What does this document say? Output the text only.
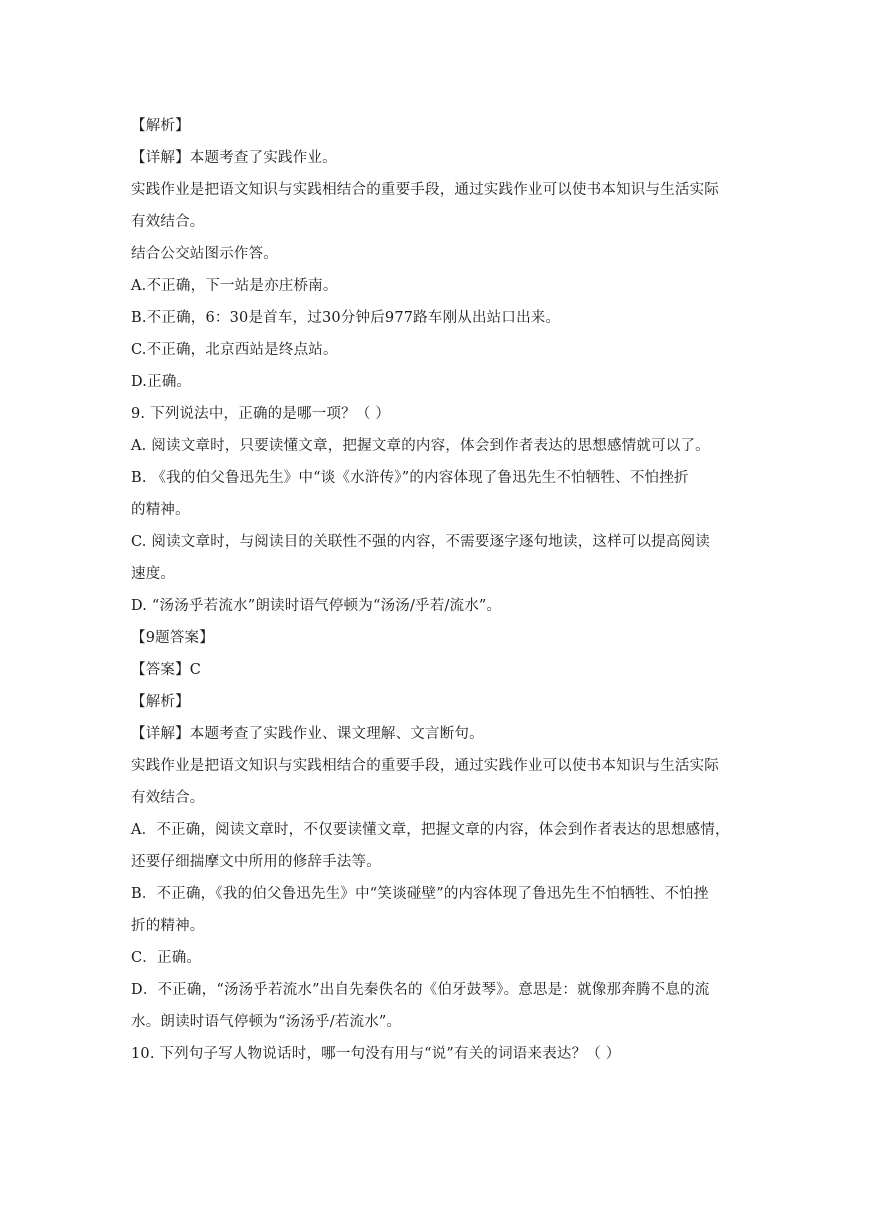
【解析】
【详解】本题考查了实践作业。
实践作业是把语文知识与实践相结合的重要手段，通过实践作业可以使书本知识与生活实际
有效结合。
结合公交站图示作答。
A.不正确，下一站是亦庄桥南。
B.不正确，6：30是首车，过30分钟后977路车刚从出站口出来。
C.不正确，北京西站是终点站。
D.正确。
9. 下列说法中，正确的是哪一项？（ ）
A. 阅读文章时，只要读懂文章，把握文章的内容，体会到作者表达的思想感情就可以了。
B. 《我的伯父鲁迅先生》中“谈《水浒传》”的内容体现了鲁迅先生不怕牺牲、不怕挫折
的精神。
C. 阅读文章时，与阅读目的关联性不强的内容，不需要逐字逐句地读，这样可以提高阅读
速度。
D. “汤汤乎若流水”朗读时语气停顿为“汤汤/乎若/流水”。
【9题答案】
【答案】C
【解析】
【详解】本题考查了实践作业、课文理解、文言断句。
实践作业是把语文知识与实践相结合的重要手段，通过实践作业可以使书本知识与生活实际
有效结合。
A．不正确，阅读文章时，不仅要读懂文章，把握文章的内容，体会到作者表达的思想感情，
还要仔细揣摩文中所用的修辞手法等。
B．不正确，《我的伯父鲁迅先生》中“笑谈碰壁”的内容体现了鲁迅先生不怕牺牲、不怕挫
折的精神。
C．正确。
D．不正确，“汤汤乎若流水”出自先秦佚名的《伯牙鼓琴》。意思是：就像那奔腾不息的流
水。朗读时语气停顿为“汤汤乎/若流水”。
10. 下列句子写人物说话时，哪一句没有用与“说”有关的词语来表达？（ ）
